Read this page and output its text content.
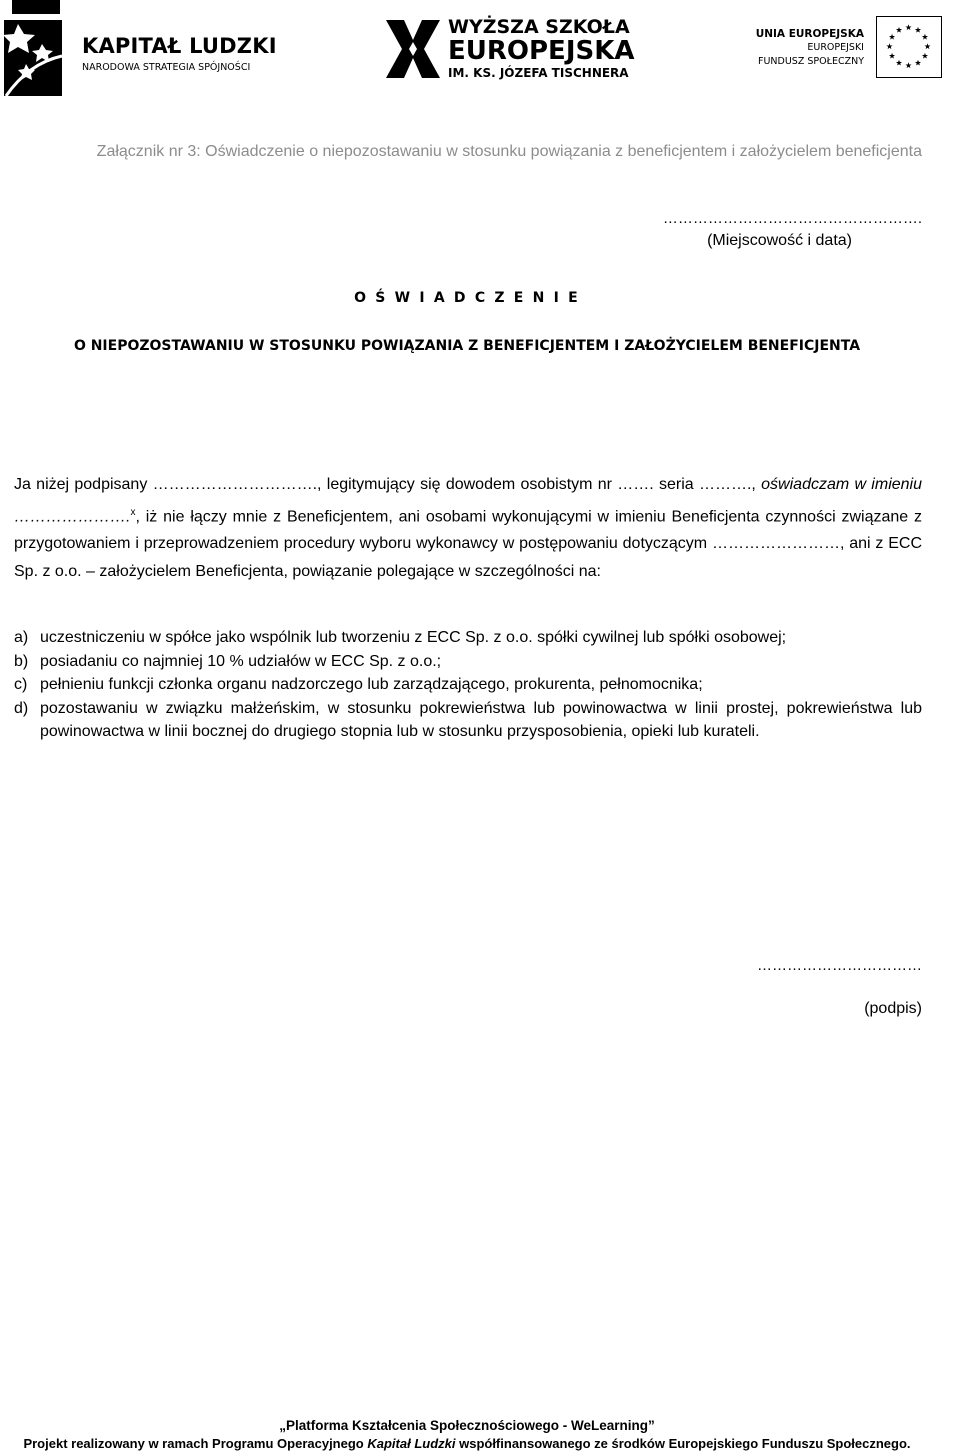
KAPITAŁ LUDZKI
NARODOWA STRATEGIA SPÓJNOŚCI
WYŻSZA SZKOŁA
EUROPEJSKA
IM. KS. JÓZEFA TISCHNERA
UNIA EUROPEJSKA
EUROPEJSKI
FUNDUSZ SPOŁECZNY
Załącznik nr 3: Oświadczenie o niepozostawaniu w stosunku powiązania z beneficjentem i założycielem beneficjenta
…………………………………………….
(Miejscowość i data)
O Ś W I A D C Z E N I E
O NIEPOZOSTAWANIU W STOSUNKU POWIĄZANIA Z BENEFICJENTEM I ZAŁOŻYCIELEM BENEFICJENTA
Ja niżej podpisany …………………………., legitymujący się dowodem osobistym nr ……. seria ………., oświadczam w imieniu ………………….$^x$, iż nie łączy mnie z Beneficjentem, ani osobami wykonującymi w imieniu Beneficjenta czynności związane z przygotowaniem i przeprowadzeniem procedury wyboru wykonawcy w postępowaniu dotyczącym ……………………, ani z ECC Sp. z o.o. – założycielem Beneficjenta, powiązanie polegające w szczególności na:
a) uczestniczeniu w spółce jako wspólnik lub tworzeniu z ECC Sp. z o.o. spółki cywilnej lub spółki osobowej;
b) posiadaniu co najmniej 10 % udziałów w ECC Sp. z o.o.;
c) pełnieniu funkcji członka organu nadzorczego lub zarządzającego, prokurenta, pełnomocnika;
d) pozostawaniu w związku małżeńskim, w stosunku pokrewieństwa lub powinowactwa w linii prostej, pokrewieństwa lub powinowactwa w linii bocznej do drugiego stopnia lub w stosunku przysposobienia, opieki lub kurateli.
……………………………
(podpis)
„Platforma Kształcenia Społecznościowego - WeLearning”
Projekt realizowany w ramach Programu Operacyjnego Kapitał Ludzki współfinansowanego ze środków Europejskiego Funduszu Społecznego.
